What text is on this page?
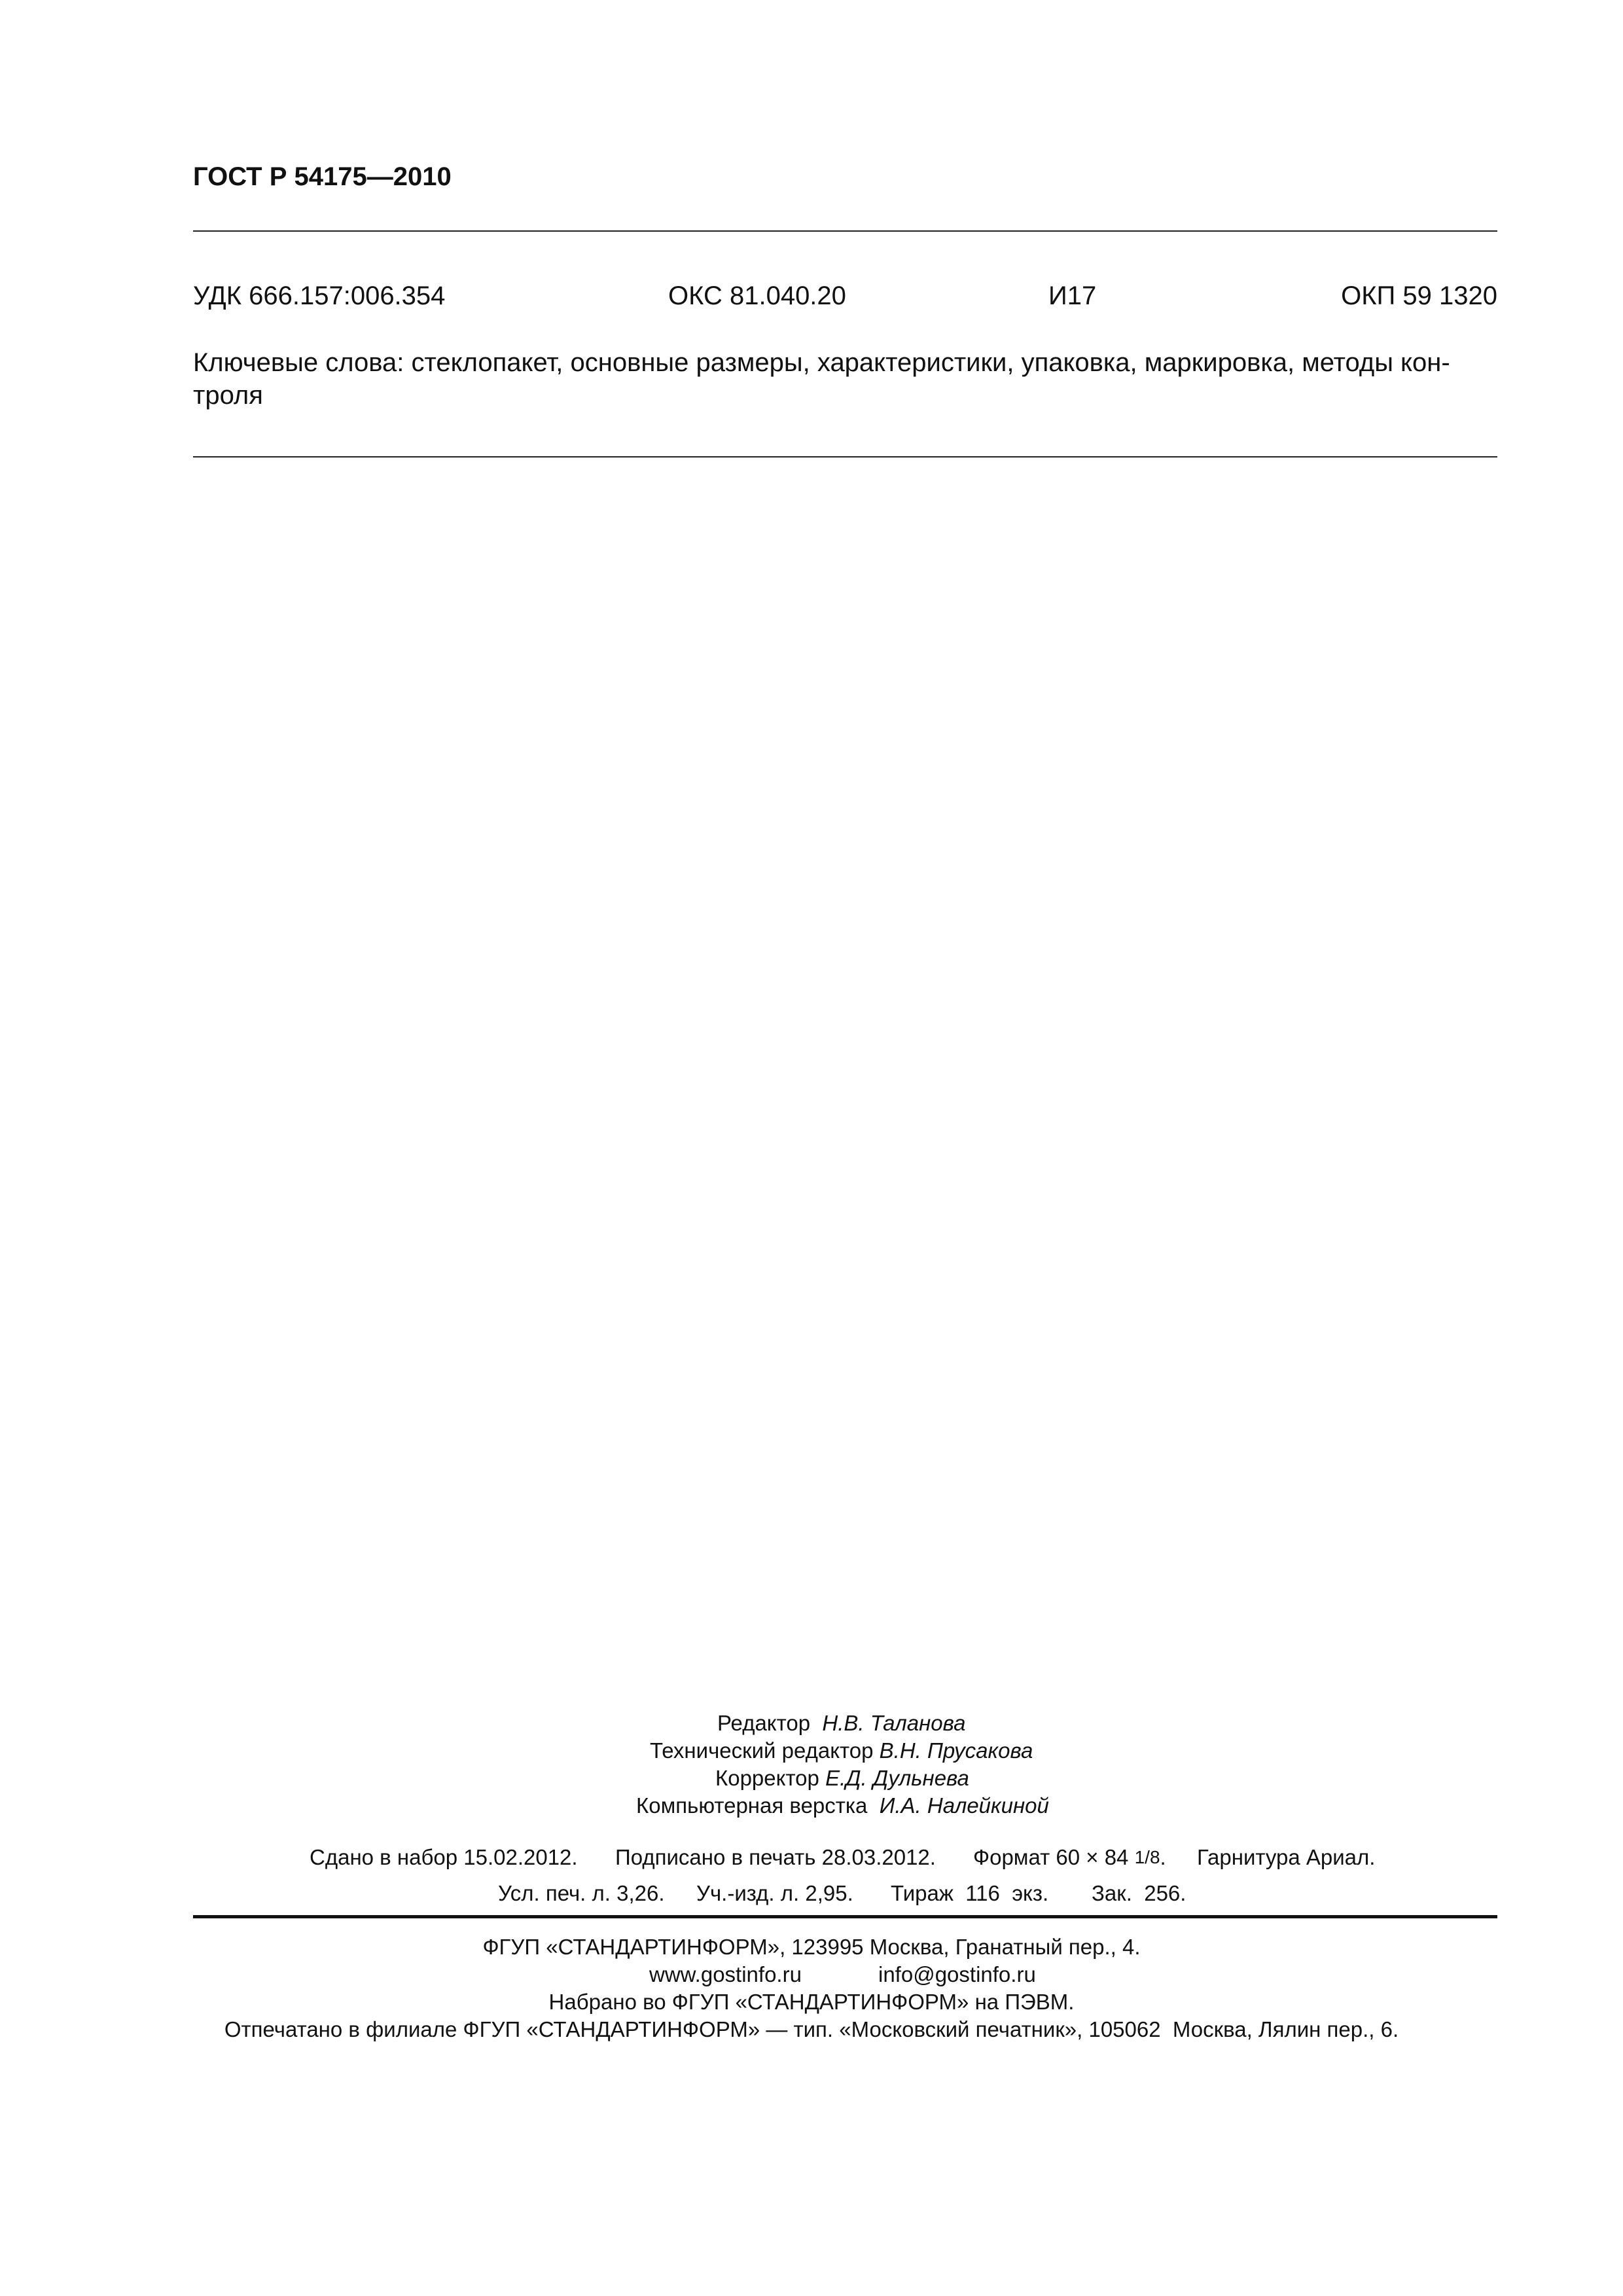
ГОСТ Р 54175—2010
УДК 666.157:006.354	ОКС 81.040.20	И17	ОКП 59 1320
Ключевые слова: стеклопакет, основные размеры, характеристики, упаковка, маркировка, методы кон-
троля
Редактор Н.В. Таланова
Технический редактор В.Н. Прусакова
Корректор Е.Д. Дульнева
Компьютерная верстка И.А. Налейкиной
Сдано в набор 15.02.2012. Подписано в печать 28.03.2012. Формат 60 × 84 1/8. Гарнитура Ариал.
Усл. печ. л. 3,26. Уч.-изд. л. 2,95. Тираж  116  экз. Зак.  256.
ФГУП «СТАНДАРТИНФОРМ», 123995 Москва, Гранатный пер., 4.
www.gostinfo.ru	info@gostinfo.ru
Набрано во ФГУП «СТАНДАРТИНФОРМ» на ПЭВМ.
Отпечатано в филиале ФГУП «СТАНДАРТИНФОРМ» — тип. «Московский печатник», 105062  Москва, Лялин пер., 6.
